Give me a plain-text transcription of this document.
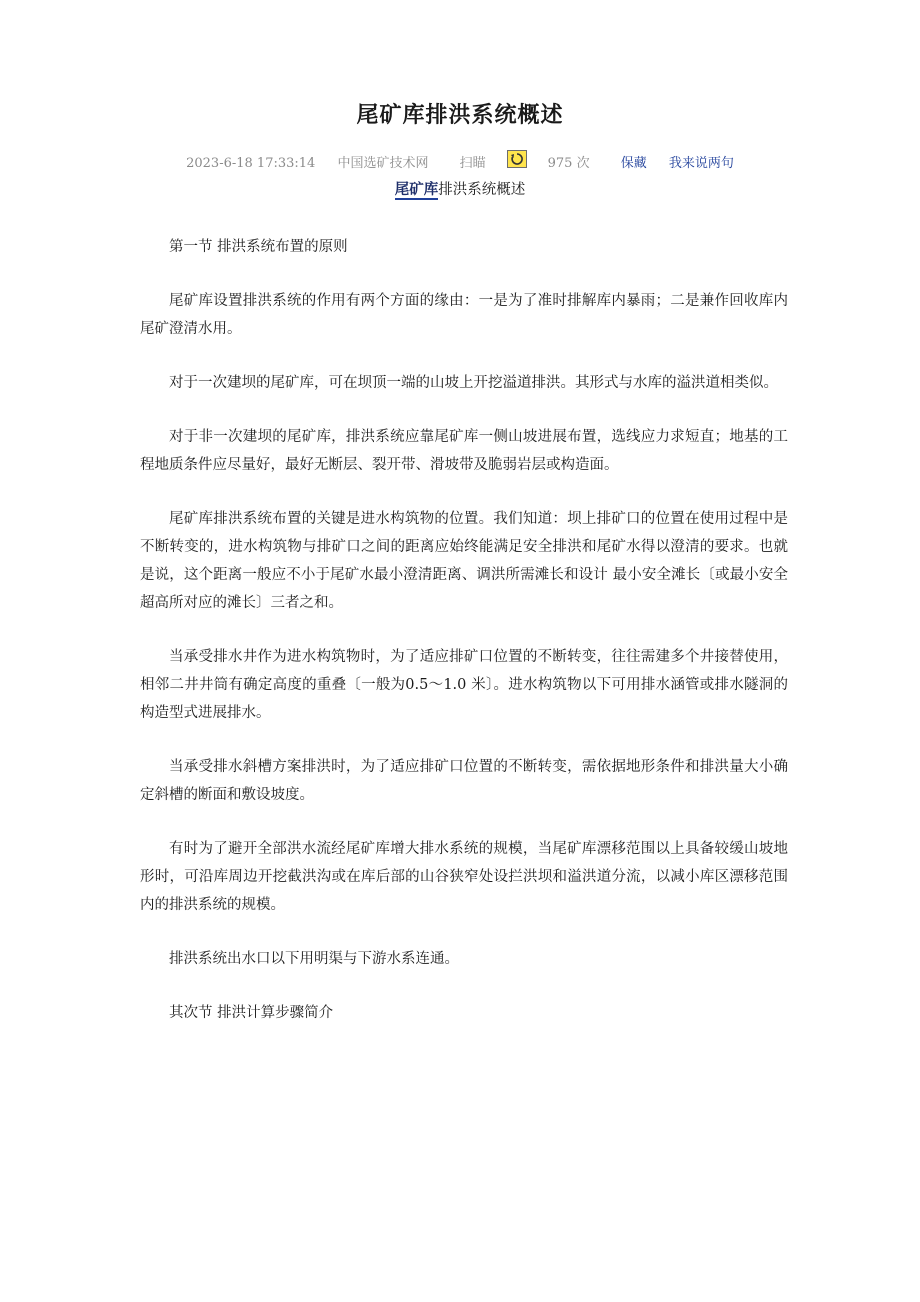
尾矿库排洪系统概述
2023-6-18 17:33:14 中国选矿技术网 扫瞄	975 次 保藏 我来说两句
尾矿库排洪系统概述

第一节 排洪系统布置的原则

尾矿库设置排洪系统的作用有两个方面的缘由：一是为了准时排解库内暴雨；二是兼作回收库内尾矿澄清水用。

对于一次建坝的尾矿库，可在坝顶一端的山坡上开挖溢道排洪。其形式与水库的溢洪道相类似。

对于非一次建坝的尾矿库，排洪系统应靠尾矿库一侧山坡进展布置，选线应力求短直；地基的工程地质条件应尽量好，最好无断层、裂开带、滑坡带及脆弱岩层或构造面。

尾矿库排洪系统布置的关键是进水构筑物的位置。我们知道：坝上排矿口的位置在使用过程中是不断转变的，进水构筑物与排矿口之间的距离应始终能满足安全排洪和尾矿水得以澄清的要求。也就是说，这个距离一般应不小于尾矿水最小澄清距离、调洪所需滩长和设计 最小安全滩长〔或最小安全超高所对应的滩长〕三者之和。

当承受排水井作为进水构筑物时，为了适应排矿口位置的不断转变，往往需建多个井接替使用，相邻二井井筒有确定高度的重叠〔一般为0.5～1.0 米〕。进水构筑物以下可用排水涵管或排水隧洞的构造型式进展排水。

当承受排水斜槽方案排洪时，为了适应排矿口位置的不断转变，需依据地形条件和排洪量大小确定斜槽的断面和敷设坡度。

有时为了避开全部洪水流经尾矿库增大排水系统的规模，当尾矿库漂移范围以上具备较缓山坡地形时，可沿库周边开挖截洪沟或在库后部的山谷狭窄处设拦洪坝和溢洪道分流，以减小库区漂移范围内的排洪系统的规模。

排洪系统出水口以下用明渠与下游水系连通。

其次节 排洪计算步骤简介
